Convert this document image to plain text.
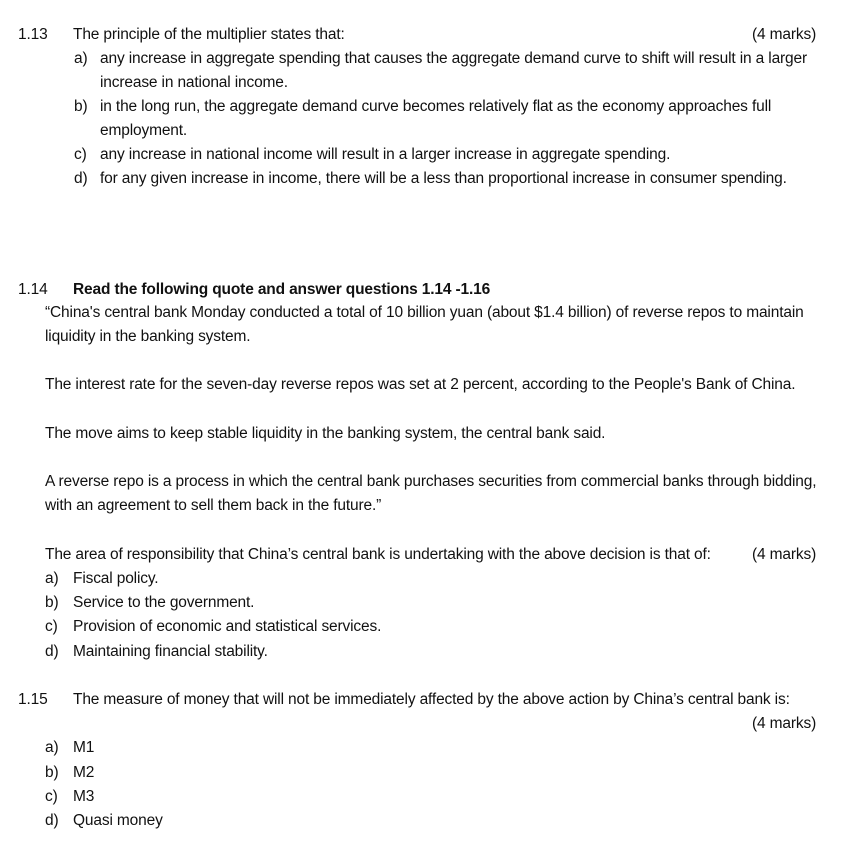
1.13 The principle of the multiplier states that:	(4 marks)
a) any increase in aggregate spending that causes the aggregate demand curve to shift will result in a larger
increase in national income.
b) in the long run, the aggregate demand curve becomes relatively flat as the economy approaches full
employment.
c) any increase in national income will result in a larger increase in aggregate spending.
d) for any given increase in income, there will be a less than proportional increase in consumer spending.
1.14 Read the following quote and answer questions 1.14 -1.16
“China's central bank Monday conducted a total of 10 billion yuan (about $1.4 billion) of reverse repos to maintain
liquidity in the banking system.
The interest rate for the seven-day reverse repos was set at 2 percent, according to the People's Bank of China.
The move aims to keep stable liquidity in the banking system, the central bank said.
A reverse repo is a process in which the central bank purchases securities from commercial banks through bidding,
with an agreement to sell them back in the future.”
The area of responsibility that China’s central bank is undertaking with the above decision is that of:	(4 marks)
a) Fiscal policy.
b) Service to the government.
c) Provision of economic and statistical services.
d) Maintaining financial stability.
1.15 The measure of money that will not be immediately affected by the above action by China’s central bank is:
(4 marks)
a) M1
b) M2
c) M3
d) Quasi money
